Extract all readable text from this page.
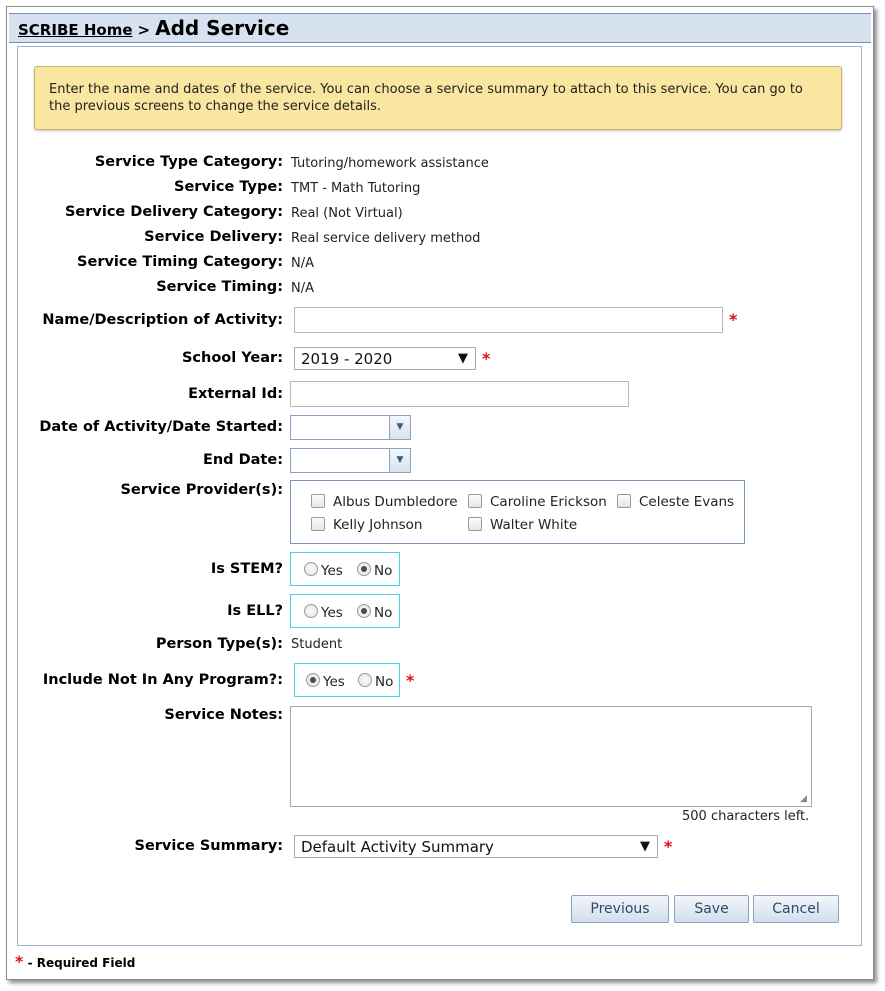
SCRIBE Home > Add Service
Enter the name and dates of the service. You can choose a service summary to attach to this service. You can go to the previous screens to change the service details.
Service Type Category: Tutoring/homework assistance
Service Type: TMT - Math Tutoring
Service Delivery Category: Real (Not Virtual)
Service Delivery: Real service delivery method
Service Timing Category: N/A
Service Timing: N/A
Name/Description of Activity:	*
School Year: 2019 - 2020	▼ *
External Id:
Date of Activity/Date Started:	▼
End Date:	▼
Service Provider(s):
Albus Dumbledore	Caroline Erickson	Celeste Evans
Kelly Johnson	Walter White
Is STEM?	Yes	No
Is ELL?	Yes	No
Person Type(s): Student
Include Not In Any Program?:	Yes	No *
Service Notes:
◢
500 characters left.
Service Summary: Default Activity Summary	▼ *
Previous	Save	Cancel
* - Required Field
